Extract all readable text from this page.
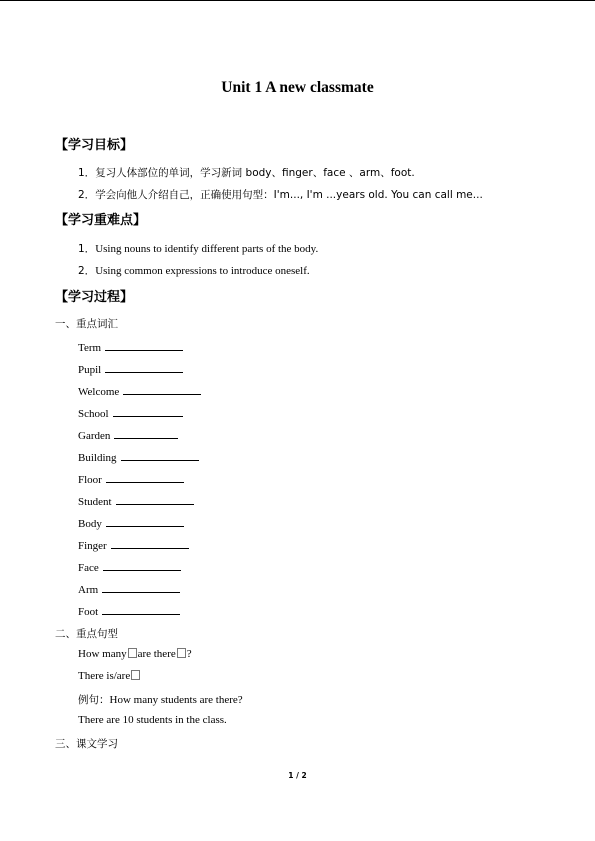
Unit 1 A new classmate
【学习目标】
1．复习人体部位的单词，学习新词 body、finger、face 、arm、foot.
2．学会向他人介绍自己，正确使用句型：I'm..., I'm ...years old. You can call me...
【学习重难点】
1．Using nouns to identify different parts of the body.
2．Using common expressions to introduce oneself.
【学习过程】
一、重点词汇
Term
Pupil
Welcome
School
Garden
Building
Floor
Student
Body
Finger
Face
Arm
Foot
二、重点句型
How many are there ?
There is/are
例句：How many students are there?
There are 10 students in the class.
三、课文学习
1 / 2
